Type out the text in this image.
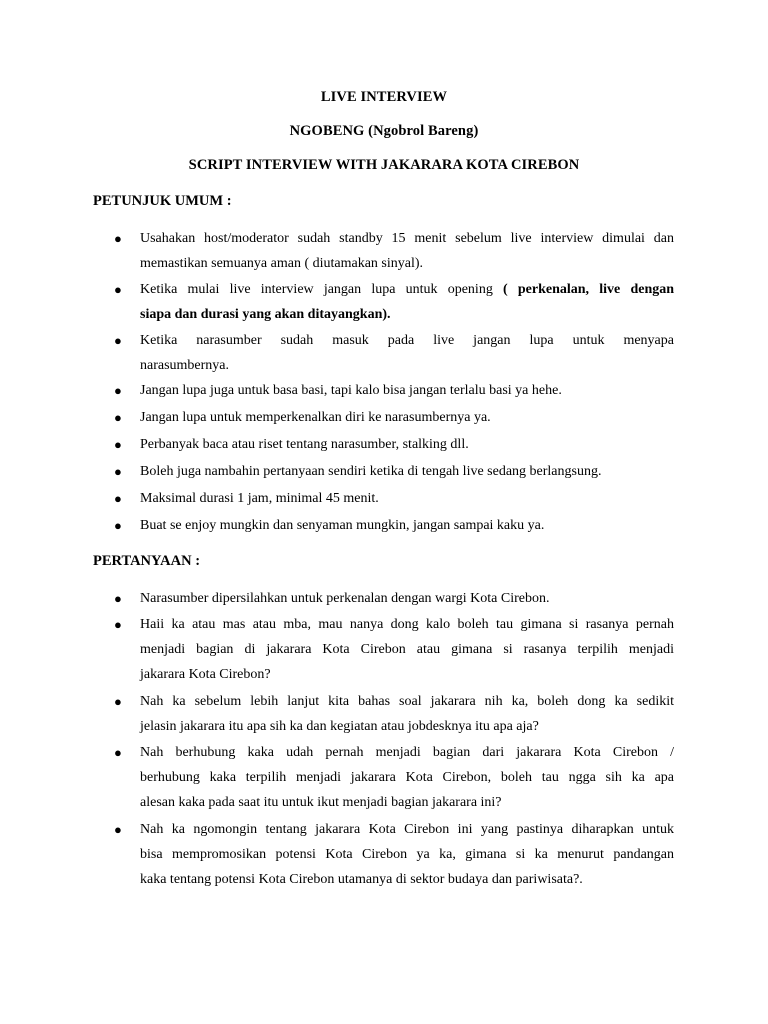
LIVE INTERVIEW
NGOBENG (Ngobrol Bareng)
SCRIPT INTERVIEW WITH JAKARARA KOTA CIREBON
PETUNJUK UMUM :
● Usahakan host/moderator sudah standby 15 menit sebelum live interview dimulai dan
memastikan semuanya aman ( diutamakan sinyal).
● Ketika mulai live interview jangan lupa untuk opening ( perkenalan, live dengan
siapa dan durasi yang akan ditayangkan).
● Ketika narasumber sudah masuk pada live jangan lupa untuk menyapa
narasumbernya.
● Jangan lupa juga untuk basa basi, tapi kalo bisa jangan terlalu basi ya hehe.
● Jangan lupa untuk memperkenalkan diri ke narasumbernya ya.
● Perbanyak baca atau riset tentang narasumber, stalking dll.
● Boleh juga nambahin pertanyaan sendiri ketika di tengah live sedang berlangsung.
● Maksimal durasi 1 jam, minimal 45 menit.
● Buat se enjoy mungkin dan senyaman mungkin, jangan sampai kaku ya.
PERTANYAAN :
● Narasumber dipersilahkan untuk perkenalan dengan wargi Kota Cirebon.
● Haii ka atau mas atau mba, mau nanya dong kalo boleh tau gimana si rasanya pernah
menjadi bagian di jakarara Kota Cirebon atau gimana si rasanya terpilih menjadi
jakarara Kota Cirebon?
● Nah ka sebelum lebih lanjut kita bahas soal jakarara nih ka, boleh dong ka sedikit
jelasin jakarara itu apa sih ka dan kegiatan atau jobdesknya itu apa aja?
● Nah berhubung kaka udah pernah menjadi bagian dari jakarara Kota Cirebon /
berhubung kaka terpilih menjadi jakarara Kota Cirebon, boleh tau ngga sih ka apa
alesan kaka pada saat itu untuk ikut menjadi bagian jakarara ini?
● Nah ka ngomongin tentang jakarara Kota Cirebon ini yang pastinya diharapkan untuk
bisa mempromosikan potensi Kota Cirebon ya ka, gimana si ka menurut pandangan
kaka tentang potensi Kota Cirebon utamanya di sektor budaya dan pariwisata?.
